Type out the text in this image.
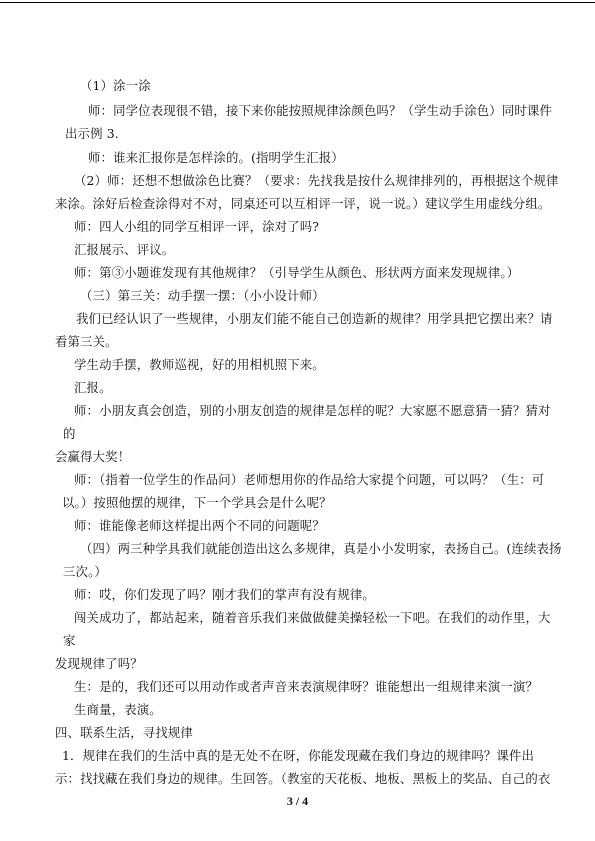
（1）涂一涂
师：同学位表现很不错，接下来你能按照规律涂颜色吗？（学生动手涂色）同时课件
出示例 3.
师：谁来汇报你是怎样涂的。(指明学生汇报）
（2）师：还想不想做涂色比赛？（要求：先找我是按什么规律排列的，再根据这个规律
来涂。涂好后检查涂得对不对，同桌还可以互相评一评，说一说。）建议学生用虚线分组。
师：四人小组的同学互相评一评，涂对了吗?
汇报展示、评议。
师：第③小题谁发现有其他规律？（引导学生从颜色、形状两方面来发现规律。）
（三）第三关：动手摆一摆：（小小设计师）
我们已经认识了一些规律，小朋友们能不能自己创造新的规律？用学具把它摆出来？请
看第三关。
学生动手摆，教师巡视，好的用相机照下来。
汇报。
师：小朋友真会创造，别的小朋友创造的规律是怎样的呢？大家愿不愿意猜一猜？猜对
的
会赢得大奖！
师：（指着一位学生的作品问）老师想用你的作品给大家提个问题，可以吗？（生：可
以。）按照他摆的规律，下一个学具会是什么呢？
师：谁能像老师这样提出两个不同的问题呢？
（四）两三种学具我们就能创造出这么多规律，真是小小发明家，表扬自己。(连续表扬
三次。）
师：哎，你们发现了吗？刚才我们的掌声有没有规律。
闯关成功了，都站起来，随着音乐我们来做做健美操轻松一下吧。在我们的动作里，大
家
发现规律了吗？
生：是的，我们还可以用动作或者声音来表演规律呀？谁能想出一组规律来演一演？
生商量，表演。
四、联系生活，寻找规律
1．规律在我们的生活中真的是无处不在呀，你能发现藏在我们身边的规律吗？课件出
示：找找藏在我们身边的规律。生回答。（教室的天花板、地板、黑板上的奖品、自己的衣
3 / 4
